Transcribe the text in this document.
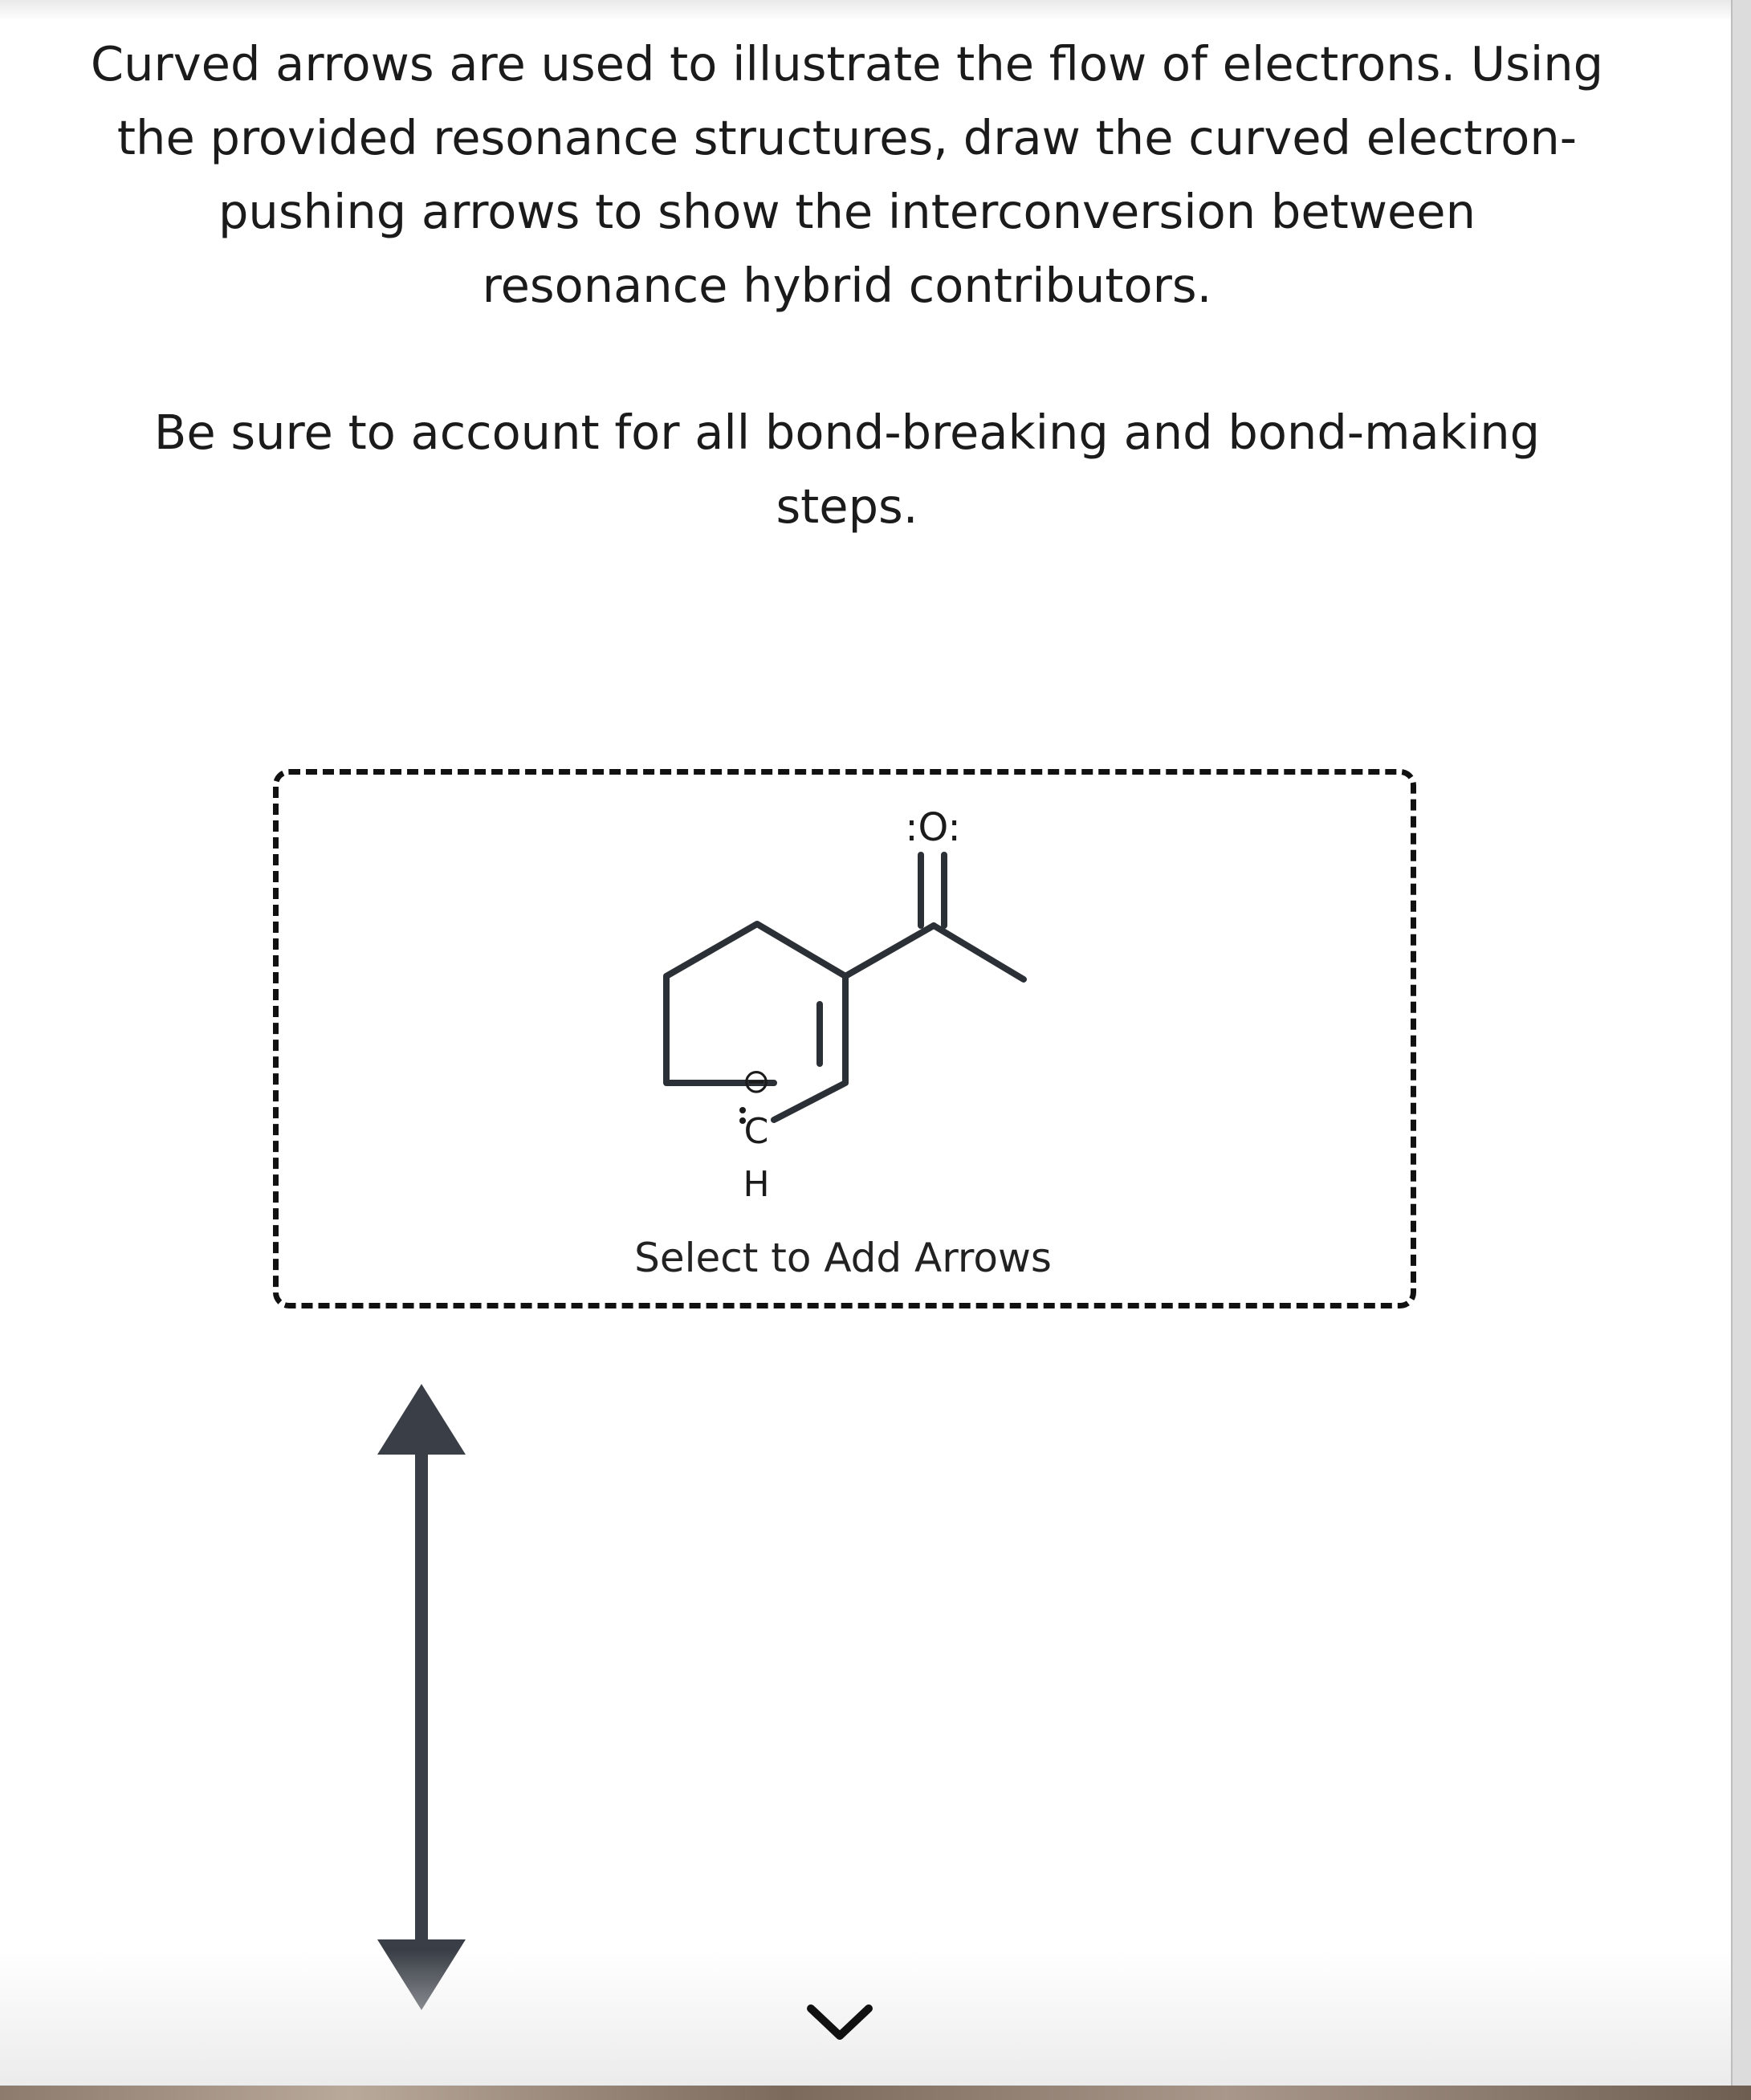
Curved arrows are used to illustrate the flow of electrons. Using
the provided resonance structures, draw the curved electron-
pushing arrows to show the interconversion between
resonance hybrid contributors.

Be sure to account for all bond-breaking and bond-making
steps.

:O:
⊖
C
H
Select to Add Arrows
